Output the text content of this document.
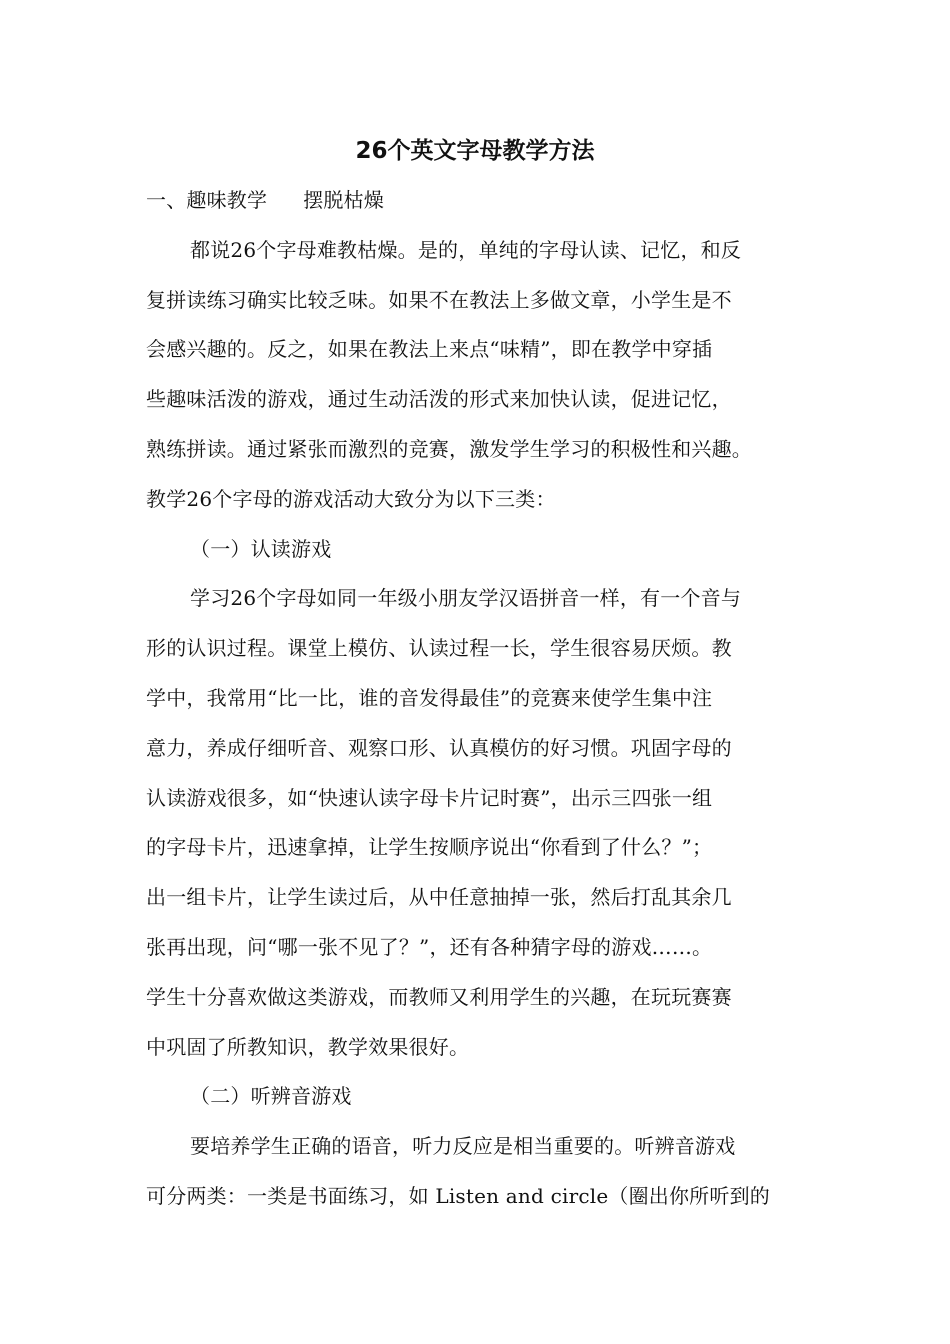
26个英文字母教学方法
一、趣味教学 摆脱枯燥
都说26个字母难教枯燥。是的，单纯的字母认读、记忆，和反
复拼读练习确实比较乏味。如果不在教法上多做文章，小学生是不
会感兴趣的。反之，如果在教法上来点“味精”，即在教学中穿插
些趣味活泼的游戏，通过生动活泼的形式来加快认读，促进记忆，
熟练拼读。通过紧张而激烈的竞赛，激发学生学习的积极性和兴趣。
教学26个字母的游戏活动大致分为以下三类：
（一）认读游戏
学习26个字母如同一年级小朋友学汉语拼音一样，有一个音与
形的认识过程。课堂上模仿、认读过程一长，学生很容易厌烦。教
学中，我常用“比一比，谁的音发得最佳”的竞赛来使学生集中注
意力，养成仔细听音、观察口形、认真模仿的好习惯。巩固字母的
认读游戏很多，如“快速认读字母卡片记时赛”，出示三四张一组
的字母卡片，迅速拿掉，让学生按顺序说出“你看到了什么？”；
出一组卡片，让学生读过后，从中任意抽掉一张，然后打乱其余几
张再出现，问“哪一张不见了？”，还有各种猜字母的游戏……。
学生十分喜欢做这类游戏，而教师又利用学生的兴趣，在玩玩赛赛
中巩固了所教知识，教学效果很好。
（二）听辨音游戏
要培养学生正确的语音，听力反应是相当重要的。听辨音游戏
可分两类：一类是书面练习，如 Listen and circle（圈出你所听到的
